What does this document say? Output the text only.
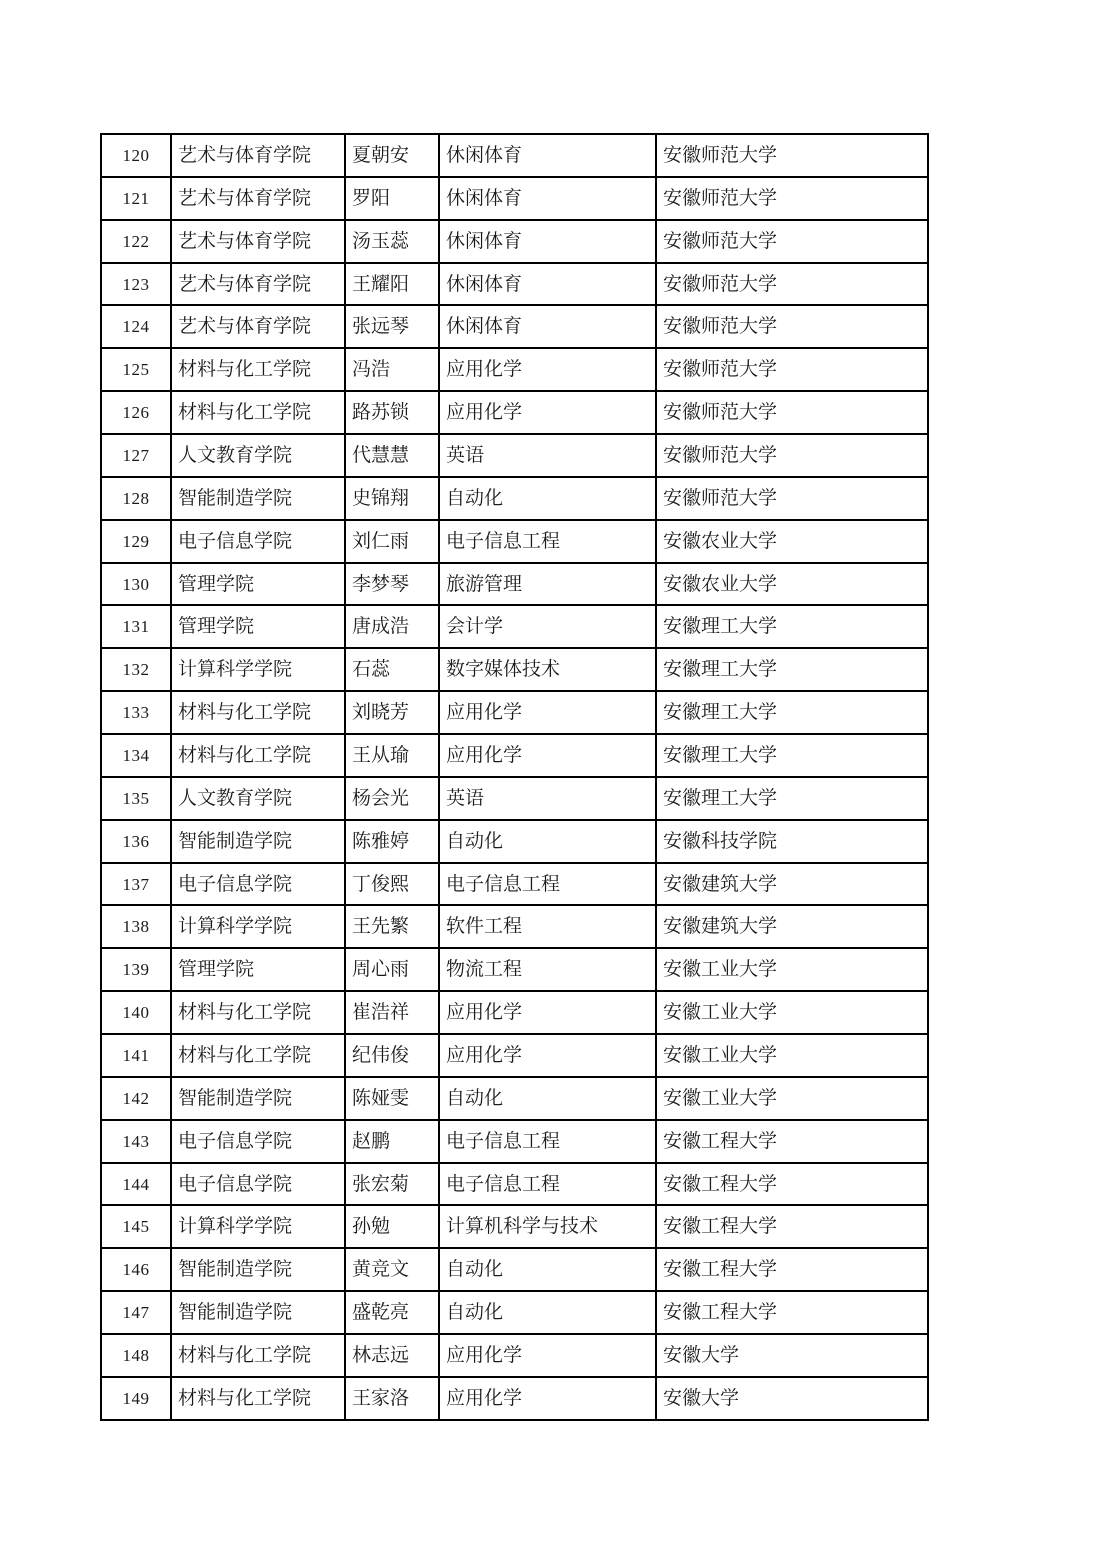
120	艺术与体育学院	夏朝安	休闲体育	安徽师范大学
121	艺术与体育学院	罗阳	休闲体育	安徽师范大学
122	艺术与体育学院	汤玉蕊	休闲体育	安徽师范大学
123	艺术与体育学院	王耀阳	休闲体育	安徽师范大学
124	艺术与体育学院	张远琴	休闲体育	安徽师范大学
125	材料与化工学院	冯浩	应用化学	安徽师范大学
126	材料与化工学院	路苏锁	应用化学	安徽师范大学
127	人文教育学院	代慧慧	英语	安徽师范大学
128	智能制造学院	史锦翔	自动化	安徽师范大学
129	电子信息学院	刘仁雨	电子信息工程	安徽农业大学
130	管理学院	李梦琴	旅游管理	安徽农业大学
131	管理学院	唐成浩	会计学	安徽理工大学
132	计算科学学院	石蕊	数字媒体技术	安徽理工大学
133	材料与化工学院	刘晓芳	应用化学	安徽理工大学
134	材料与化工学院	王从瑜	应用化学	安徽理工大学
135	人文教育学院	杨会光	英语	安徽理工大学
136	智能制造学院	陈雅婷	自动化	安徽科技学院
137	电子信息学院	丁俊熙	电子信息工程	安徽建筑大学
138	计算科学学院	王先繁	软件工程	安徽建筑大学
139	管理学院	周心雨	物流工程	安徽工业大学
140	材料与化工学院	崔浩祥	应用化学	安徽工业大学
141	材料与化工学院	纪伟俊	应用化学	安徽工业大学
142	智能制造学院	陈娅雯	自动化	安徽工业大学
143	电子信息学院	赵鹏	电子信息工程	安徽工程大学
144	电子信息学院	张宏菊	电子信息工程	安徽工程大学
145	计算科学学院	孙勉	计算机科学与技术	安徽工程大学
146	智能制造学院	黄竞文	自动化	安徽工程大学
147	智能制造学院	盛乾亮	自动化	安徽工程大学
148	材料与化工学院	林志远	应用化学	安徽大学
149	材料与化工学院	王家洛	应用化学	安徽大学
